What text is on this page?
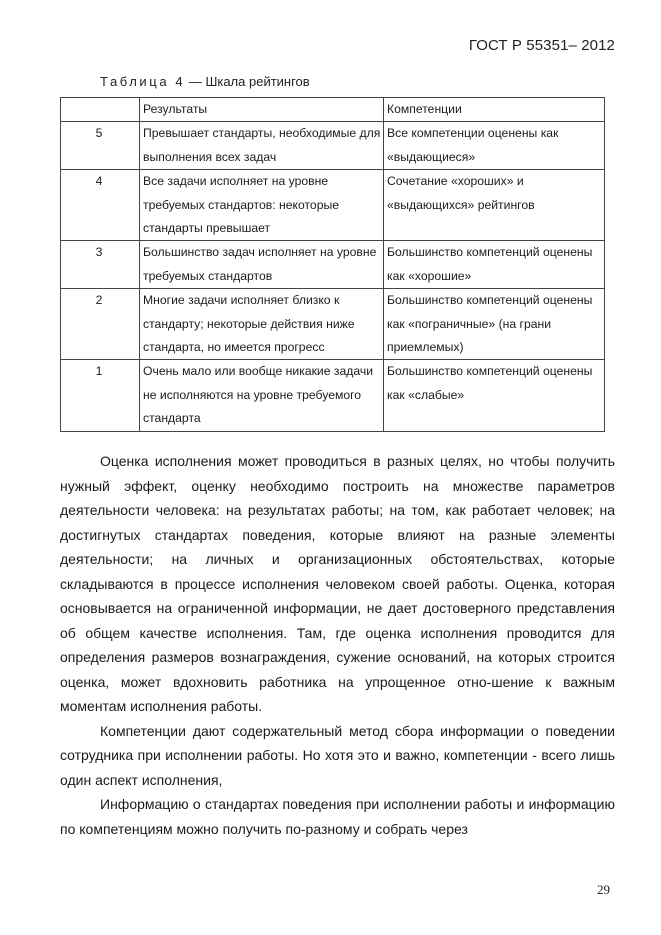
ГОСТ Р 55351– 2012
Таблица 4 — Шкала рейтингов
	Результаты	Компетенции
5	Превышает стандарты, необходимые для выполнения всех задач	Все компетенции оценены как «выдающиеся»
4	Все задачи исполняет на уровне требуемых стандартов: некоторые стандарты превышает	Сочетание «хороших» и «выдающихся» рейтингов
3	Большинство задач исполняет на уровне требуемых стандартов	Большинство компетенций оценены как «хорошие»
2	Многие задачи исполняет близко к стандарту; некоторые действия ниже стандарта, но имеется прогресс	Большинство компетенций оценены как «пограничные» (на грани приемлемых)
1	Очень мало или вообще никакие задачи не исполняются на уровне требуемого стандарта	Большинство компетенций оценены как «слабые»

Оценка исполнения может проводиться в разных целях, но чтобы получить нужный эффект, оценку необходимо построить на множестве параметров деятельности человека: на результатах работы; на том, как работает человек; на достигнутых стандартах поведения, которые влияют на разные элементы деятельности; на личных и организационных обстоятельствах, которые складываются в процессе исполнения человеком своей работы. Оценка, которая основывается на ограниченной информации, не дает достоверного представления об общем качестве исполнения. Там, где оценка исполнения проводится для определения размеров вознаграждения, сужение оснований, на которых строится оценка, может вдохновить работника на упрощенное отно-шение к важным моментам исполнения работы.

Компетенции дают содержательный метод сбора информации о поведении сотрудника при исполнении работы. Но хотя это и важно, компетенции - всего лишь один аспект исполнения,

Информацию о стандартах поведения при исполнении работы и информацию по компетенциям можно получить по-разному и собрать через

29
